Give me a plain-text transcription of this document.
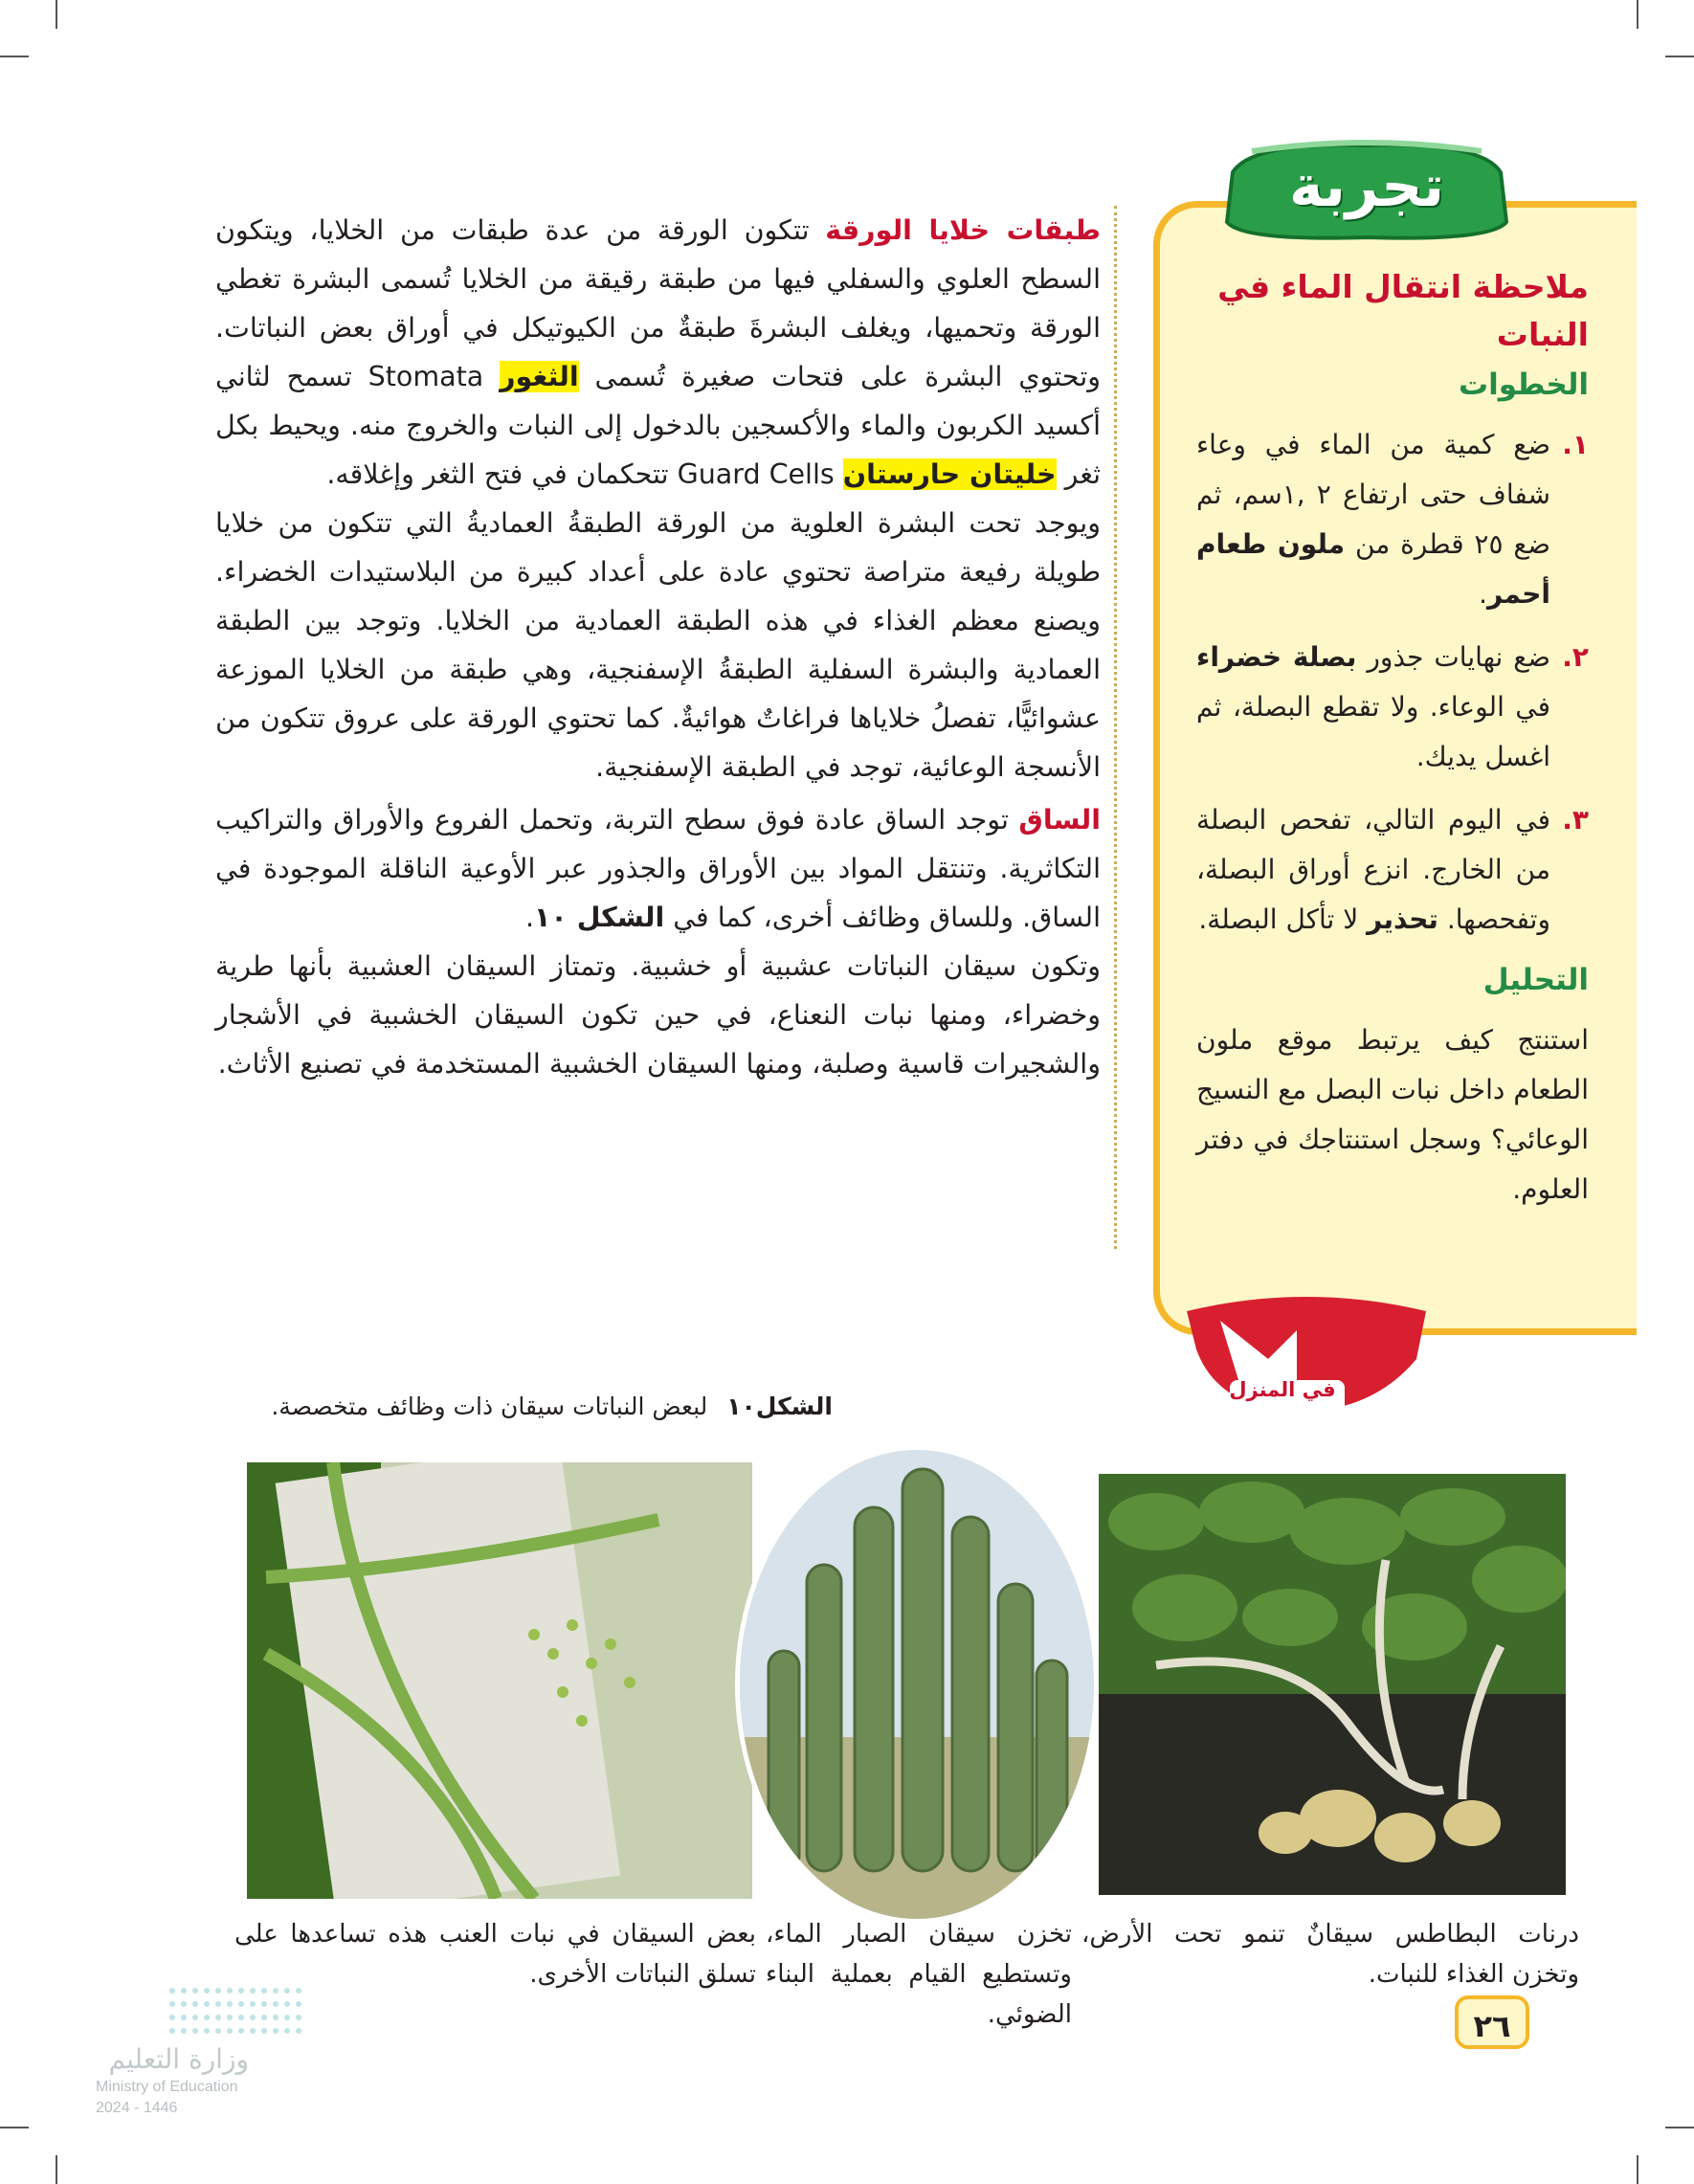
طبقات خلايا الورقة تتكون الورقة من عدة طبقات من الخلايا، ويتكون السطح العلوي والسفلي فيها من طبقة رقيقة من الخلايا تُسمى البشرة تغطي الورقة وتحميها، ويغلف البشرةَ طبقةٌ من الكيوتيكل في أوراق بعض النباتات. وتحتوي البشرة على فتحات صغيرة تُسمى الثغور Stomata تسمح لثاني أكسيد الكربون والماء والأكسجين بالدخول إلى النبات والخروج منه. ويحيط بكل ثغر خليتان حارستان Guard Cells تتحكمان في فتح الثغر وإغلاقه.

ويوجد تحت البشرة العلوية من الورقة الطبقةُ العماديةُ التي تتكون من خلايا طويلة رفيعة متراصة تحتوي عادة على أعداد كبيرة من البلاستيدات الخضراء. ويصنع معظم الغذاء في هذه الطبقة العمادية من الخلايا. وتوجد بين الطبقة العمادية والبشرة السفلية الطبقةُ الإسفنجية، وهي طبقة من الخلايا الموزعة عشوائيًّا، تفصلُ خلاياها فراغاتٌ هوائيةٌ. كما تحتوي الورقة على عروق تتكون من الأنسجة الوعائية، توجد في الطبقة الإسفنجية.

الساق توجد الساق عادة فوق سطح التربة، وتحمل الفروع والأوراق والتراكيب التكاثرية. وتنتقل المواد بين الأوراق والجذور عبر الأوعية الناقلة الموجودة في الساق. وللساق وظائف أخرى، كما في الشكل ١٠.

وتكون سيقان النباتات عشبية أو خشبية. وتمتاز السيقان العشبية بأنها طرية وخضراء، ومنها نبات النعناع، في حين تكون السيقان الخشبية في الأشجار والشجيرات قاسية وصلبة، ومنها السيقان الخشبية المستخدمة في تصنيع الأثاث.

تجربة
ملاحظة انتقال الماء في النبات
الخطوات
١.
ضع كمية من الماء في وعاء شفاف حتى ارتفاع ٢ ,١سم، ثم ضع ٢٥ قطرة من ملون طعام أحمر.
٢.
ضع نهايات جذور بصلة خضراء في الوعاء. ولا تقطع البصلة، ثم اغسل يديك.
٣.
في اليوم التالي، تفحص البصلة من الخارج. انزع أوراق البصلة، وتفحصها. تحذير لا تأكل البصلة.
التحليل
استنتج كيف يرتبط موقع ملون الطعام داخل نبات البصل مع النسيج الوعائي؟ وسجل استنتاجك في دفتر العلوم.
في المنزل
الشكل١٠ لبعض النباتات سيقان ذات وظائف متخصصة.
درنات البطاطس سيقانٌ تنمو تحت الأرض، وتخزن الغذاء للنبات.
تخزن سيقان الصبار الماء، وتستطيع القيام بعملية البناء الضوئي.
بعض السيقان في نبات العنب هذه تساعدها على تسلق النباتات الأخرى.
٢٦
وزارة التعليم
Ministry of Education
2024 - 1446
